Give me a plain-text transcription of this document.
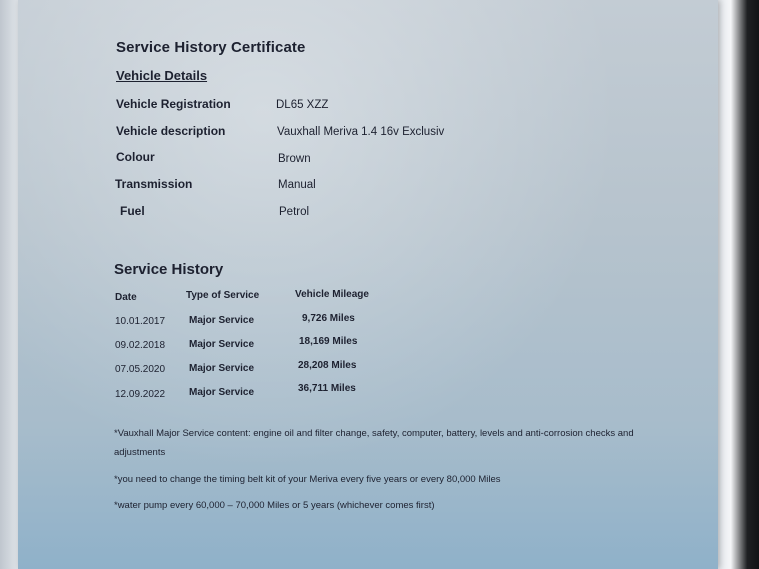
Service History Certificate
Vehicle Details
Vehicle Registration	DL65 XZZ
Vehicle description	Vauxhall Meriva 1.4 16v Exclusiv
Colour	Brown
Transmission	Manual
Fuel	Petrol
Service History
Date	Type of Service	Vehicle Mileage
10.01.2017 Major Service	9,726 Miles
09.02.2018 Major Service	18,169 Miles
07.05.2020 Major Service	28,208 Miles
12.09.2022 Major Service	36,711 Miles
*Vauxhall Major Service content: engine oil and filter change, safety, computer, battery, levels and anti-corrosion checks and adjustments
*you need to change the timing belt kit of your Meriva every five years or every 80,000 Miles
*water pump every 60,000 – 70,000 Miles or 5 years (whichever comes first)
